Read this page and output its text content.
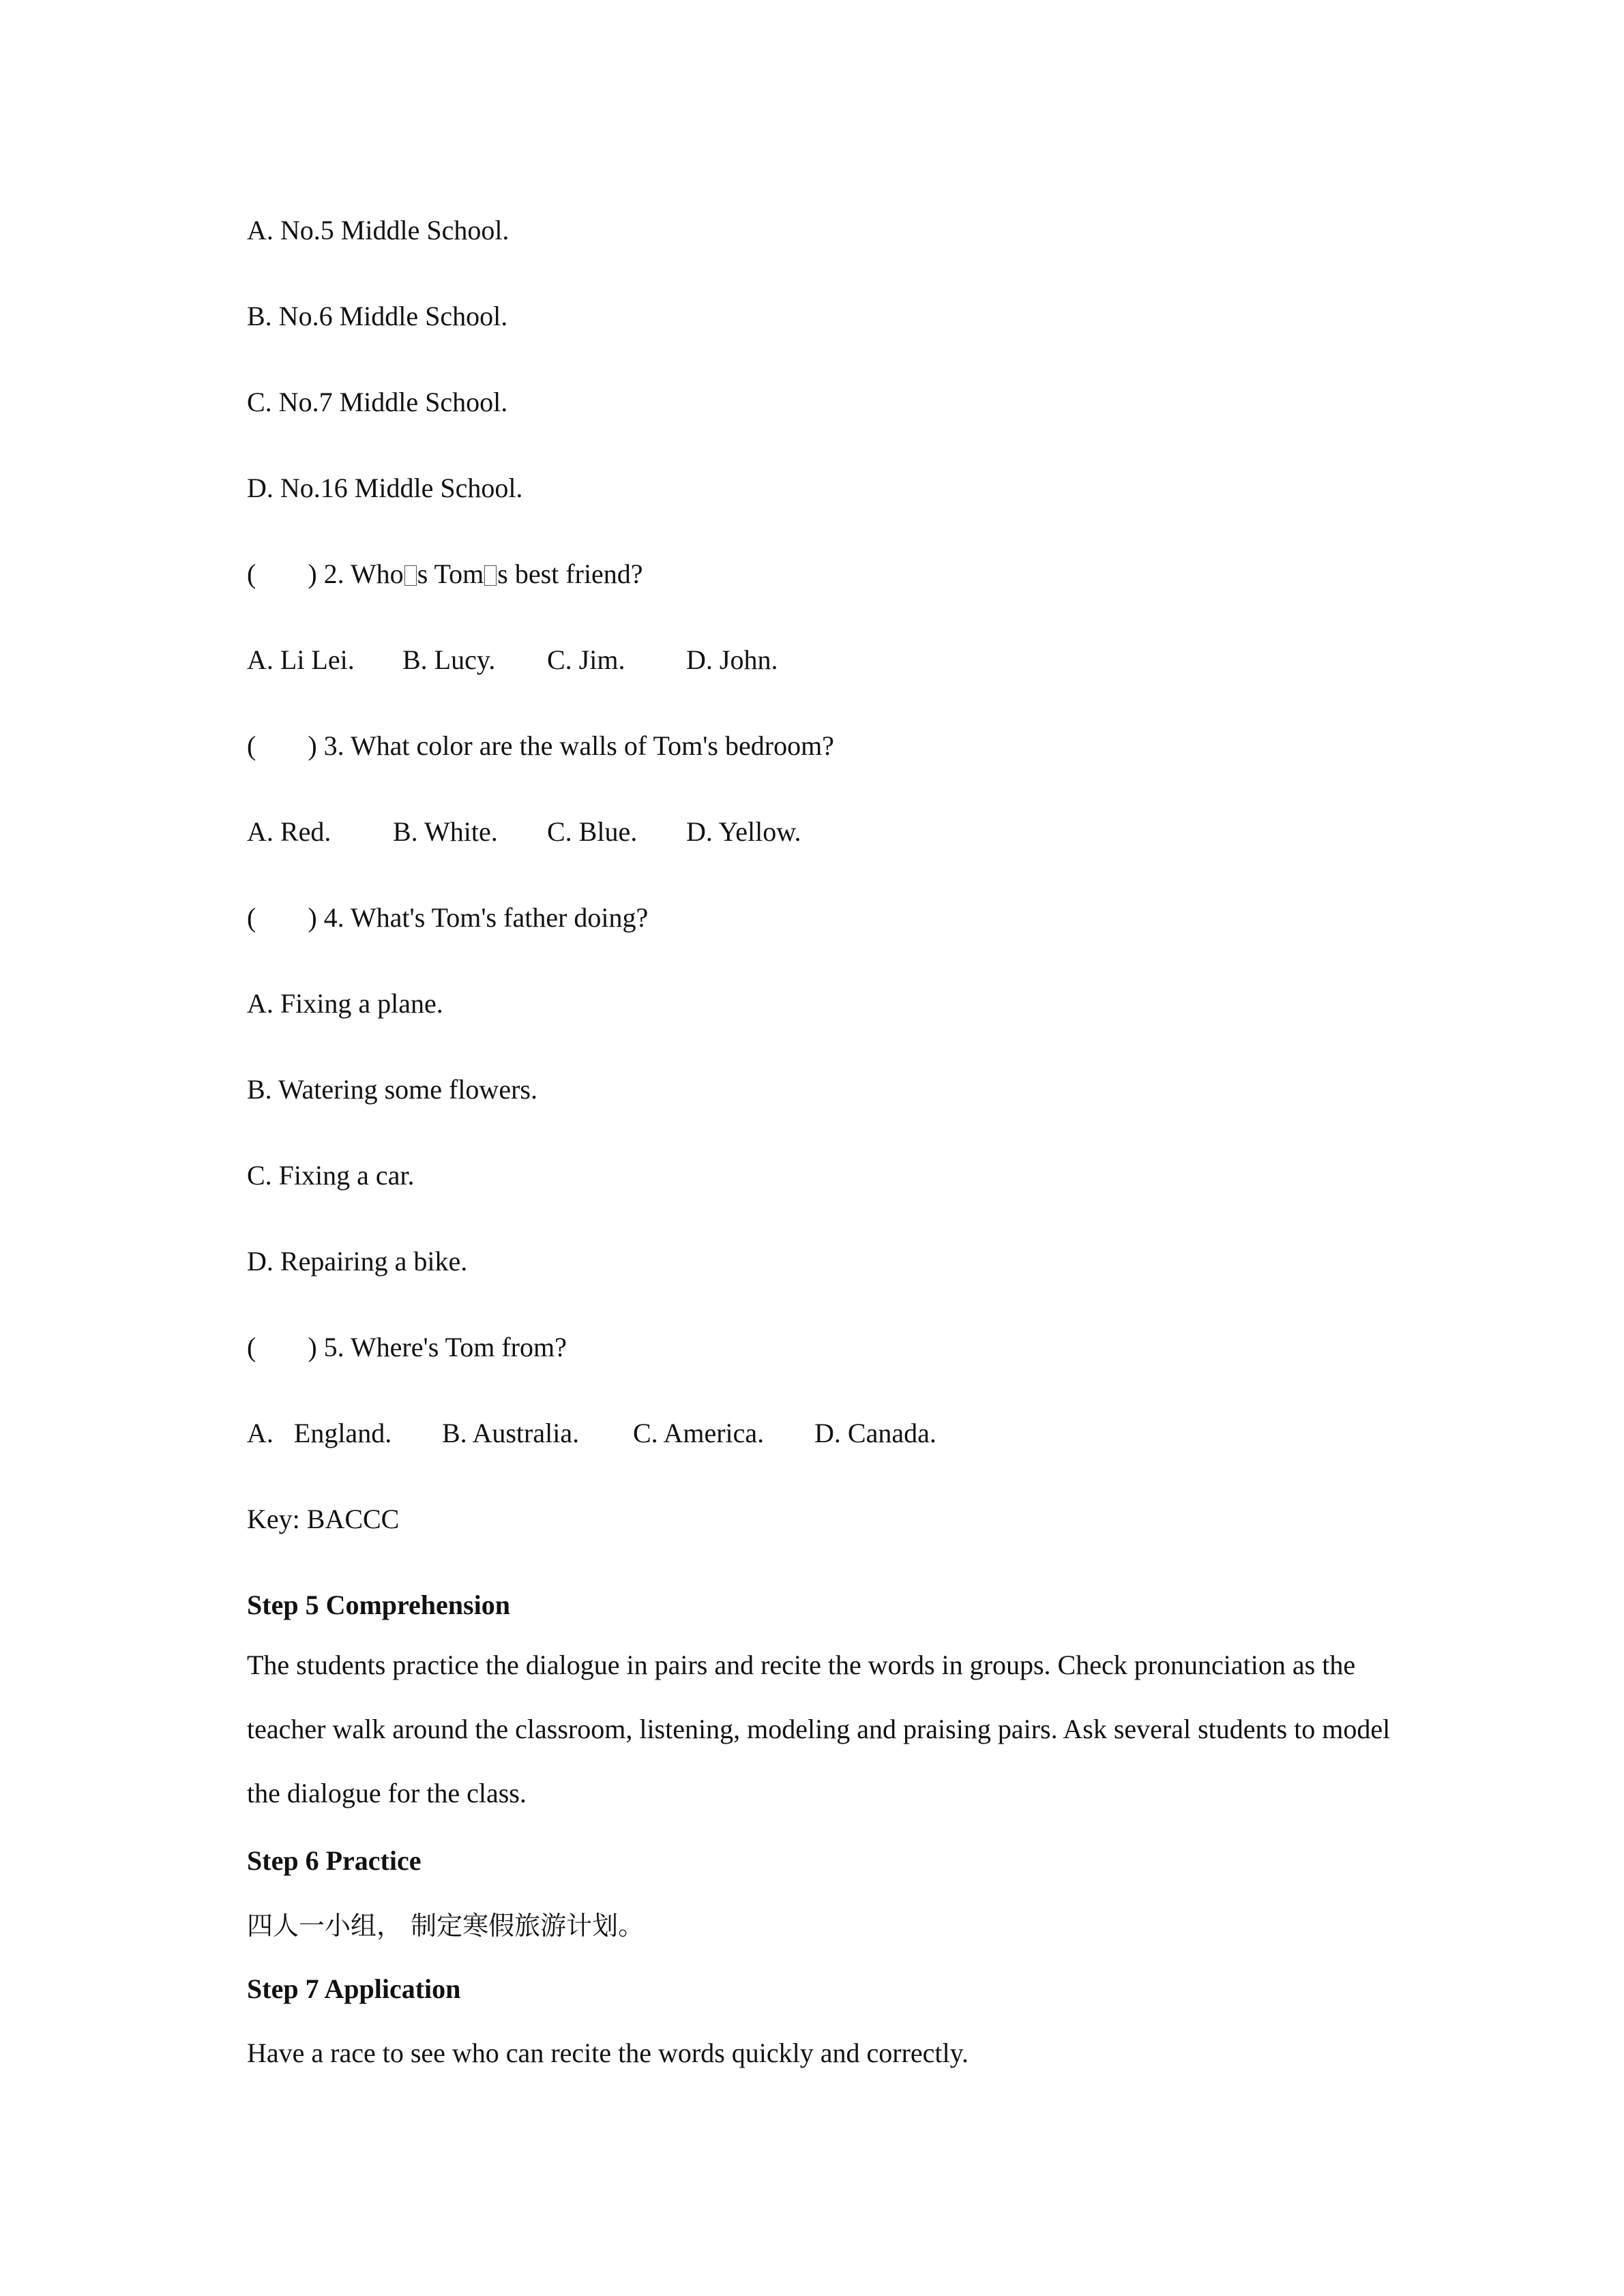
A. No.5 Middle School.
B. No.6 Middle School.
C. No.7 Middle School.
D. No.16 Middle School.
( ) 2. Who s Tom s best friend?
A. Li Lei. B. Lucy. C. Jim. D. John.
( ) 3. What color are the walls of Tom's bedroom?
A. Red. B. White. C. Blue. D. Yellow.
( ) 4. What's Tom's father doing?
A. Fixing a plane.
B. Watering some flowers.
C. Fixing a car.
D. Repairing a bike.
( ) 5. Where's Tom from?
A.   England. B. Australia. C. America. D. Canada.
Key: BACCC
Step 5 Comprehension
The students practice the dialogue in pairs and recite the words in groups. Check pronunciation as the teacher walk around the classroom, listening, modeling and praising pairs. Ask several students to model the dialogue for the class.
Step 6 Practice
四人一小组， 制定寒假旅游计划。
Step 7 Application
Have a race to see who can recite the words quickly and correctly.
